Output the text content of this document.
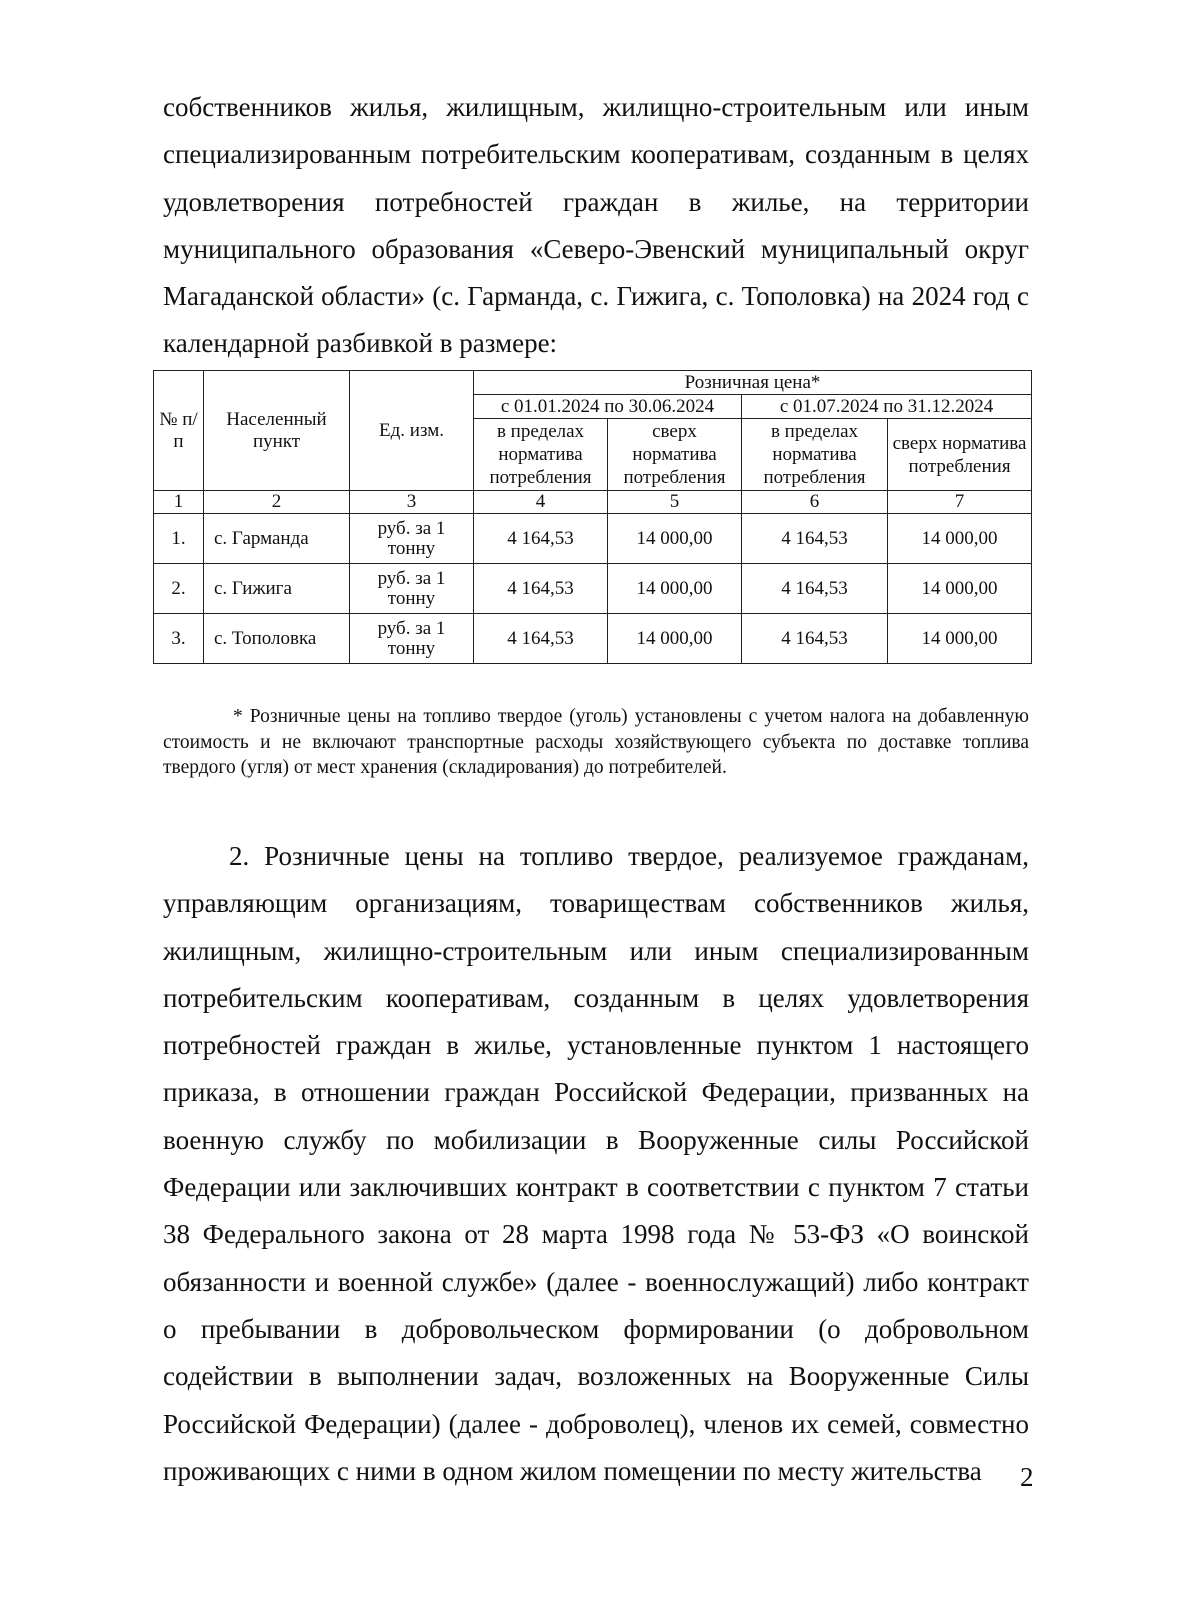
собственников жилья, жилищным, жилищно-строительным или иным специализированным потребительским кооперативам, созданным в целях удовлетворения потребностей граждан в жилье, на территории муниципального образования «Северо-Эвенский муниципальный округ Магаданской области» (с. Гарманда, с. Гижига, с. Тополовка) на 2024 год с календарной разбивкой в размере:

№ п/п	Населенный пункт	Ед. изм.	Розничная цена*			
			с 01.01.2024 по 30.06.2024		с 01.07.2024 по 31.12.2024	
			в пределах норматива потребления	сверх норматива потребления	в пределах норматива потребления	сверх норматива потребления
1	2	3	4	5	6	7
1.	с. Гарманда	руб. за 1 тонну	4 164,53	14 000,00	4 164,53	14 000,00
2.	с. Гижига	руб. за 1 тонну	4 164,53	14 000,00	4 164,53	14 000,00
3.	с. Тополовка	руб. за 1 тонну	4 164,53	14 000,00	4 164,53	14 000,00

* Розничные цены на топливо твердое (уголь) установлены с учетом налога на добавленную стоимость и не включают транспортные расходы хозяйствующего субъекта по доставке топлива твердого (угля) от мест хранения (складирования) до потребителей.

2. Розничные цены на топливо твердое, реализуемое гражданам, управляющим организациям, товариществам собственников жилья, жилищным, жилищно-строительным или иным специализированным потребительским кооперативам, созданным в целях удовлетворения потребностей граждан в жилье, установленные пунктом 1 настоящего приказа, в отношении граждан Российской Федерации, призванных на военную службу по мобилизации в Вооруженные силы Российской Федерации или заключивших контракт в соответствии с пунктом 7 статьи 38 Федерального закона от 28 марта 1998 года № 53-ФЗ «О воинской обязанности и военной службе» (далее - военнослужащий) либо контракт о пребывании в добровольческом формировании (о добровольном содействии в выполнении задач, возложенных на Вооруженные Силы Российской Федерации) (далее - доброволец), членов их семей, совместно проживающих с ними в одном жилом помещении по месту жительства	2
